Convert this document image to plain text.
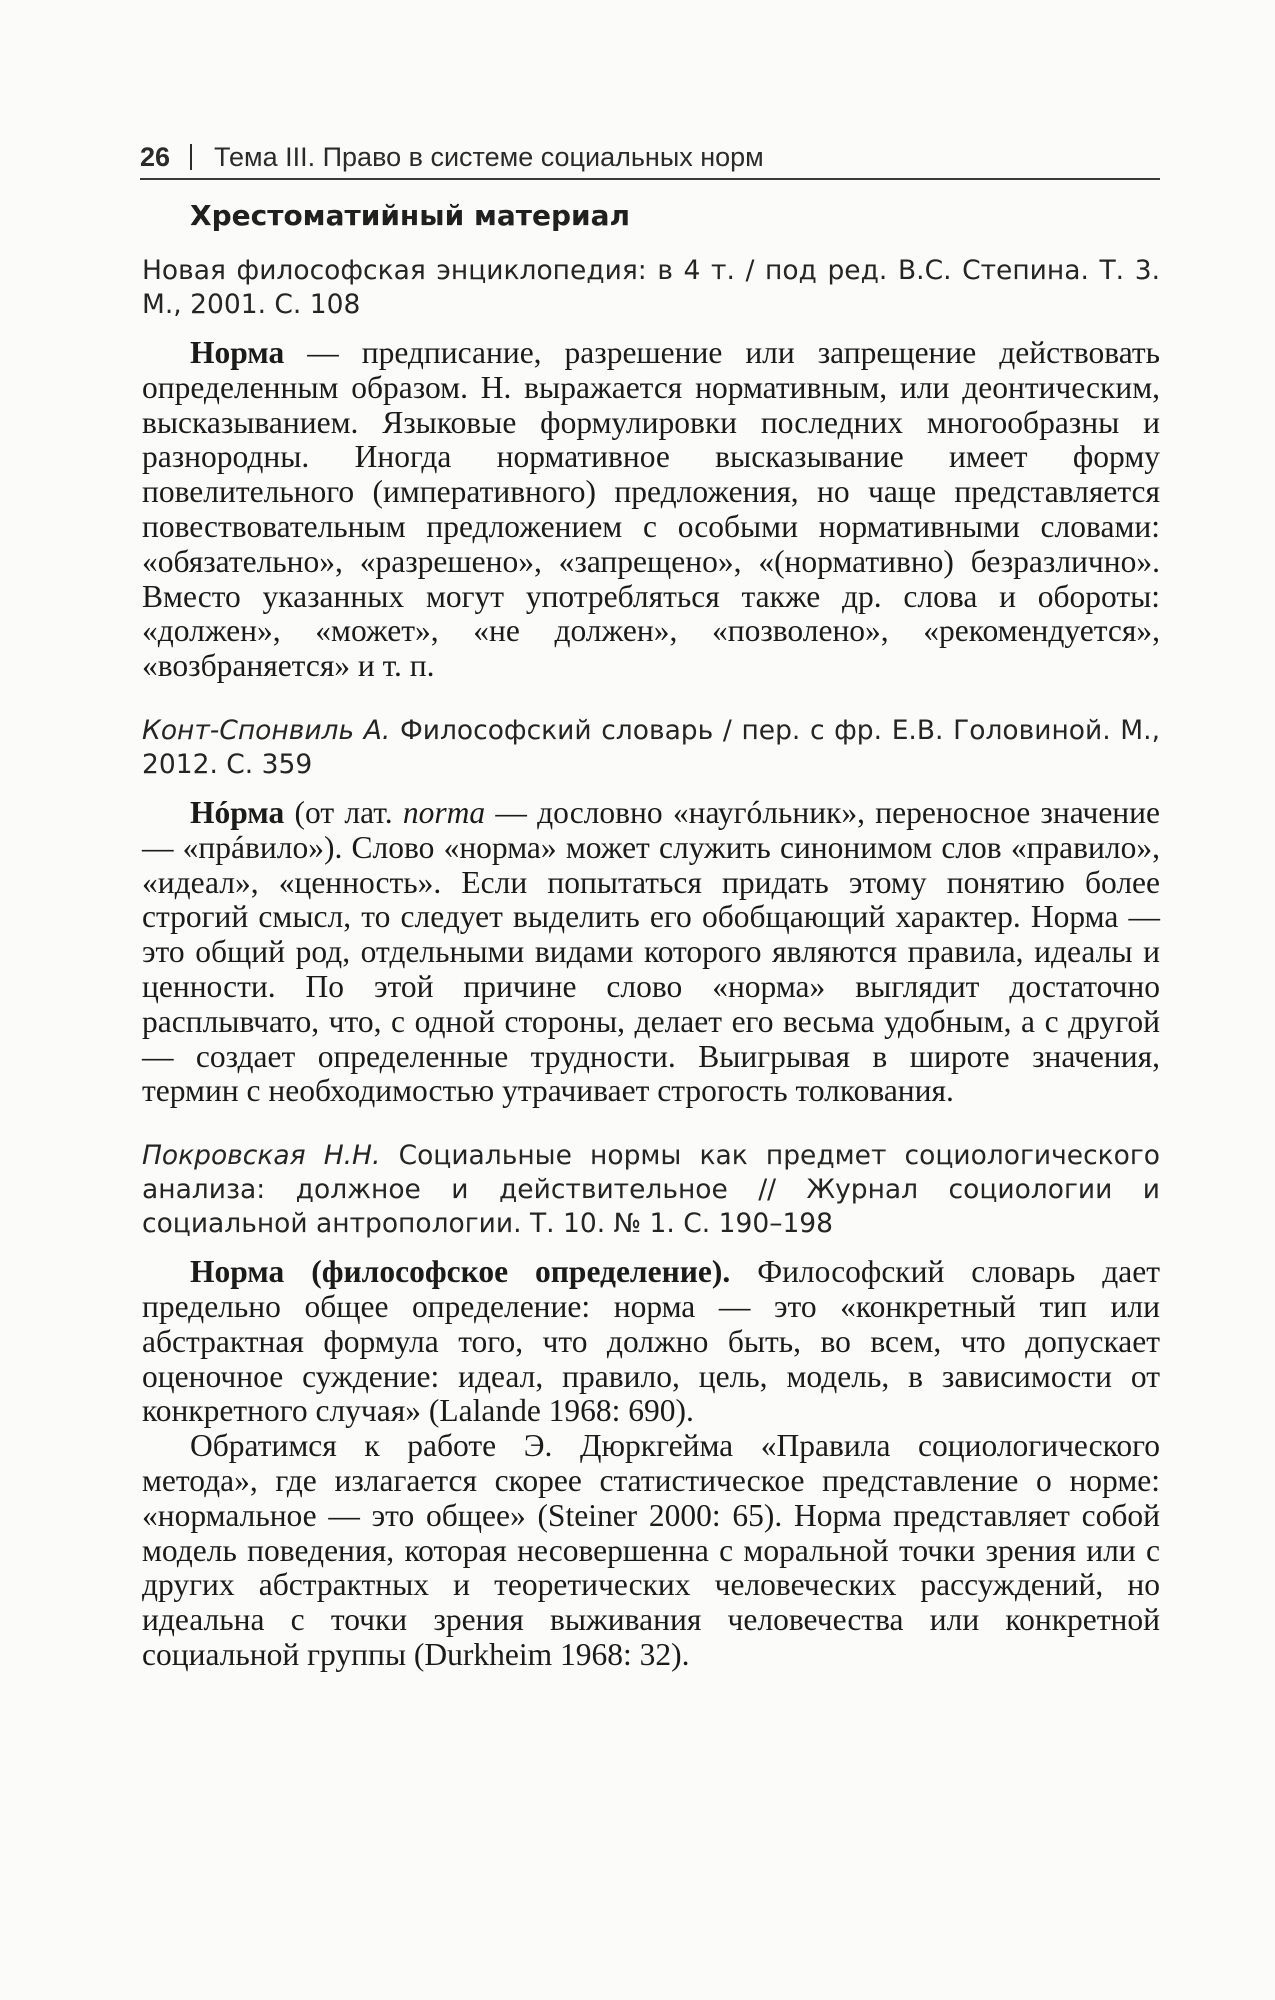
26 Тема III. Право в системе социальных норм
Хрестоматийный материал

Новая философская энциклопедия: в 4 т. / под ред. В.С. Степина. Т. 3. М., 2001. С. 108

Норма — предписание, разрешение или запрещение действовать определенным образом. Н. выражается нормативным, или деонтическим, высказыванием. Языковые формулировки последних многообразны и разнородны. Иногда нормативное высказывание имеет форму повелительного (императивного) предложения, но чаще представляется повествовательным предложением с особыми нормативными словами: «обязательно», «разрешено», «запрещено», «(нормативно) безразлично». Вместо указанных могут употребляться также др. слова и обороты: «должен», «может», «не должен», «позволено», «рекомендуется», «возбраняется» и т. п.

Конт-Спонвиль А. Философский словарь / пер. с фр. Е.В. Головиной. М., 2012. С. 359

Нóрма (от лат. norma — дословно «наугóльник», переносное значение — «прáвило»). Слово «норма» может служить синонимом слов «правило», «идеал», «ценность». Если попытаться придать этому понятию более строгий смысл, то следует выделить его обобщающий характер. Норма — это общий род, отдельными видами которого являются правила, идеалы и ценности. По этой причине слово «норма» выглядит достаточно расплывчато, что, с одной стороны, делает его весьма удобным, а с другой — создает определенные трудности. Выигрывая в широте значения, термин с необходимостью утрачивает строгость толкования.

Покровская Н.Н. Социальные нормы как предмет социологического анализа: должное и действительное // Журнал социологии и социальной антропологии. Т. 10. № 1. С. 190–198

Норма (философское определение). Философский словарь дает предельно общее определение: норма — это «конкретный тип или абстрактная формула того, что должно быть, во всем, что допускает оценочное суждение: идеал, правило, цель, модель, в зависимости от конкретного случая» (Lalande 1968: 690).

Обратимся к работе Э. Дюркгейма «Правила социологического метода», где излагается скорее статистическое представление о норме: «нормальное — это общее» (Steiner 2000: 65). Норма представляет собой модель поведения, которая несовершенна с моральной точки зрения или с других абстрактных и теоретических человеческих рассуждений, но идеальна с точки зрения выживания человечества или конкретной социальной группы (Durkheim 1968: 32).
